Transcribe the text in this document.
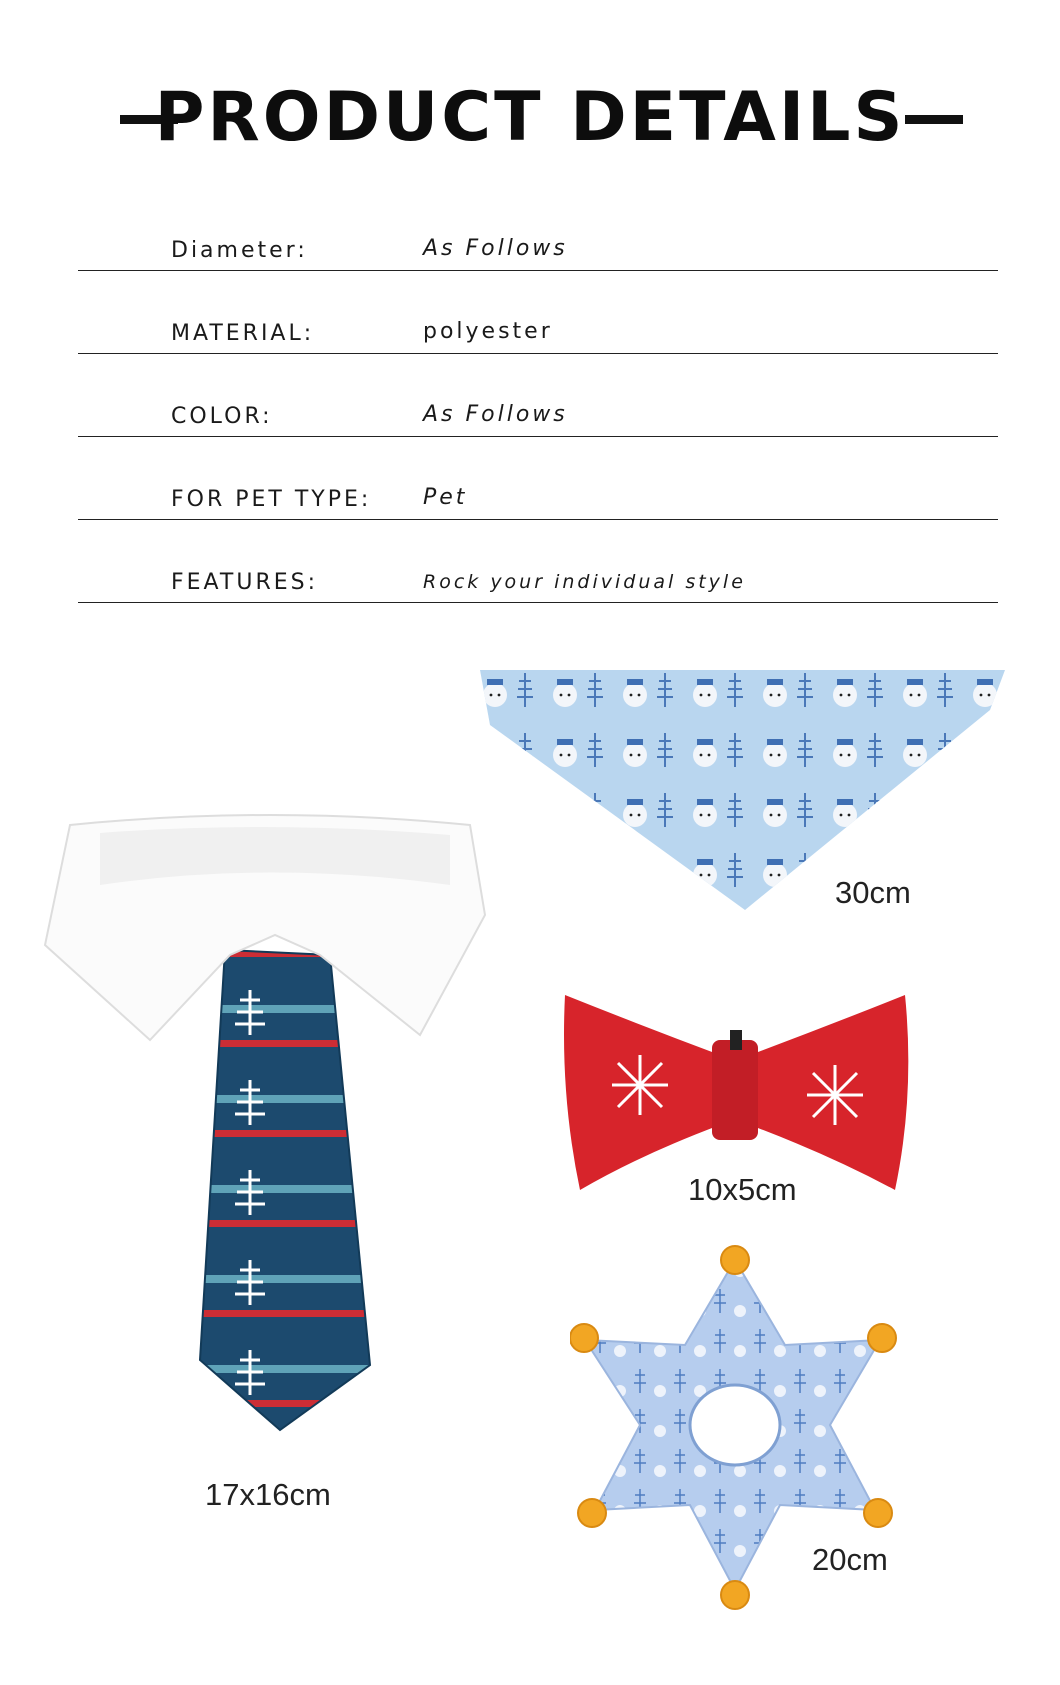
PRODUCT DETAILS
Diameter:	As Follows
MATERIAL:	polyester
COLOR:	As Follows
FOR PET TYPE: Pet
FEATURES:	Rock your individual style
30cm
17x16cm
10x5cm
20cm
